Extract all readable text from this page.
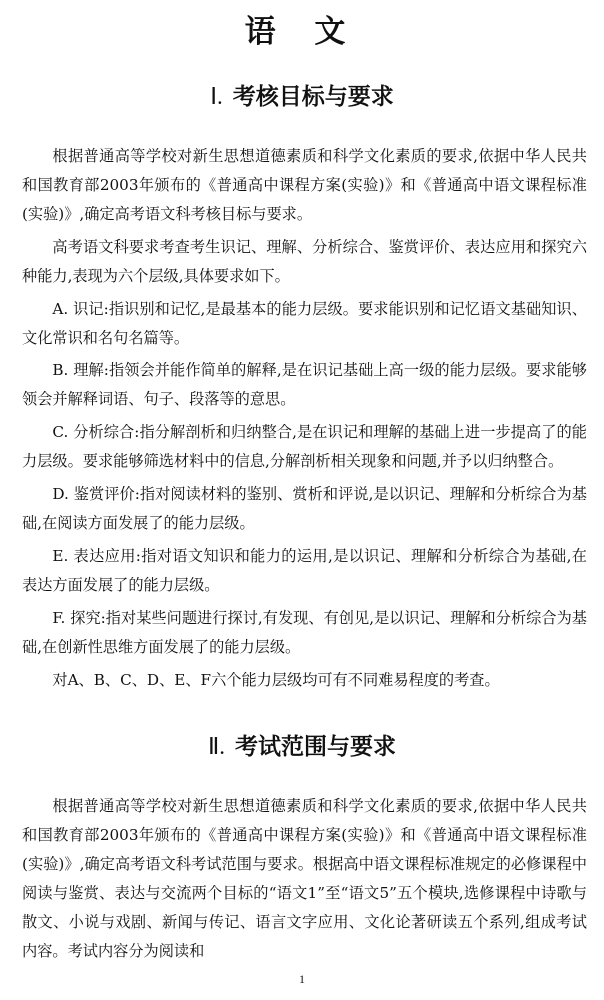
语 文
Ⅰ. 考核目标与要求

根据普通高等学校对新生思想道德素质和科学文化素质的要求,依据中华人民共和国教育部2003年颁布的《普通高中课程方案(实验)》和《普通高中语文课程标准(实验)》,确定高考语文科考核目标与要求。

高考语文科要求考查考生识记、理解、分析综合、鉴赏评价、表达应用和探究六种能力,表现为六个层级,具体要求如下。

A. 识记:指识别和记忆,是最基本的能力层级。要求能识别和记忆语文基础知识、文化常识和名句名篇等。

B. 理解:指领会并能作简单的解释,是在识记基础上高一级的能力层级。要求能够领会并解释词语、句子、段落等的意思。

C. 分析综合:指分解剖析和归纳整合,是在识记和理解的基础上进一步提高了的能力层级。要求能够筛选材料中的信息,分解剖析相关现象和问题,并予以归纳整合。

D. 鉴赏评价:指对阅读材料的鉴别、赏析和评说,是以识记、理解和分析综合为基础,在阅读方面发展了的能力层级。

E. 表达应用:指对语文知识和能力的运用,是以识记、理解和分析综合为基础,在表达方面发展了的能力层级。

F. 探究:指对某些问题进行探讨,有发现、有创见,是以识记、理解和分析综合为基础,在创新性思维方面发展了的能力层级。

对A、B、C、D、E、F六个能力层级均可有不同难易程度的考查。

Ⅱ. 考试范围与要求

根据普通高等学校对新生思想道德素质和科学文化素质的要求,依据中华人民共和国教育部2003年颁布的《普通高中课程方案(实验)》和《普通高中语文课程标准(实验)》,确定高考语文科考试范围与要求。根据高中语文课程标准规定的必修课程中阅读与鉴赏、表达与交流两个目标的“语文1”至“语文5”五个模块,选修课程中诗歌与散文、小说与戏剧、新闻与传记、语言文字应用、文化论著研读五个系列,组成考试内容。考试内容分为阅读和

1
